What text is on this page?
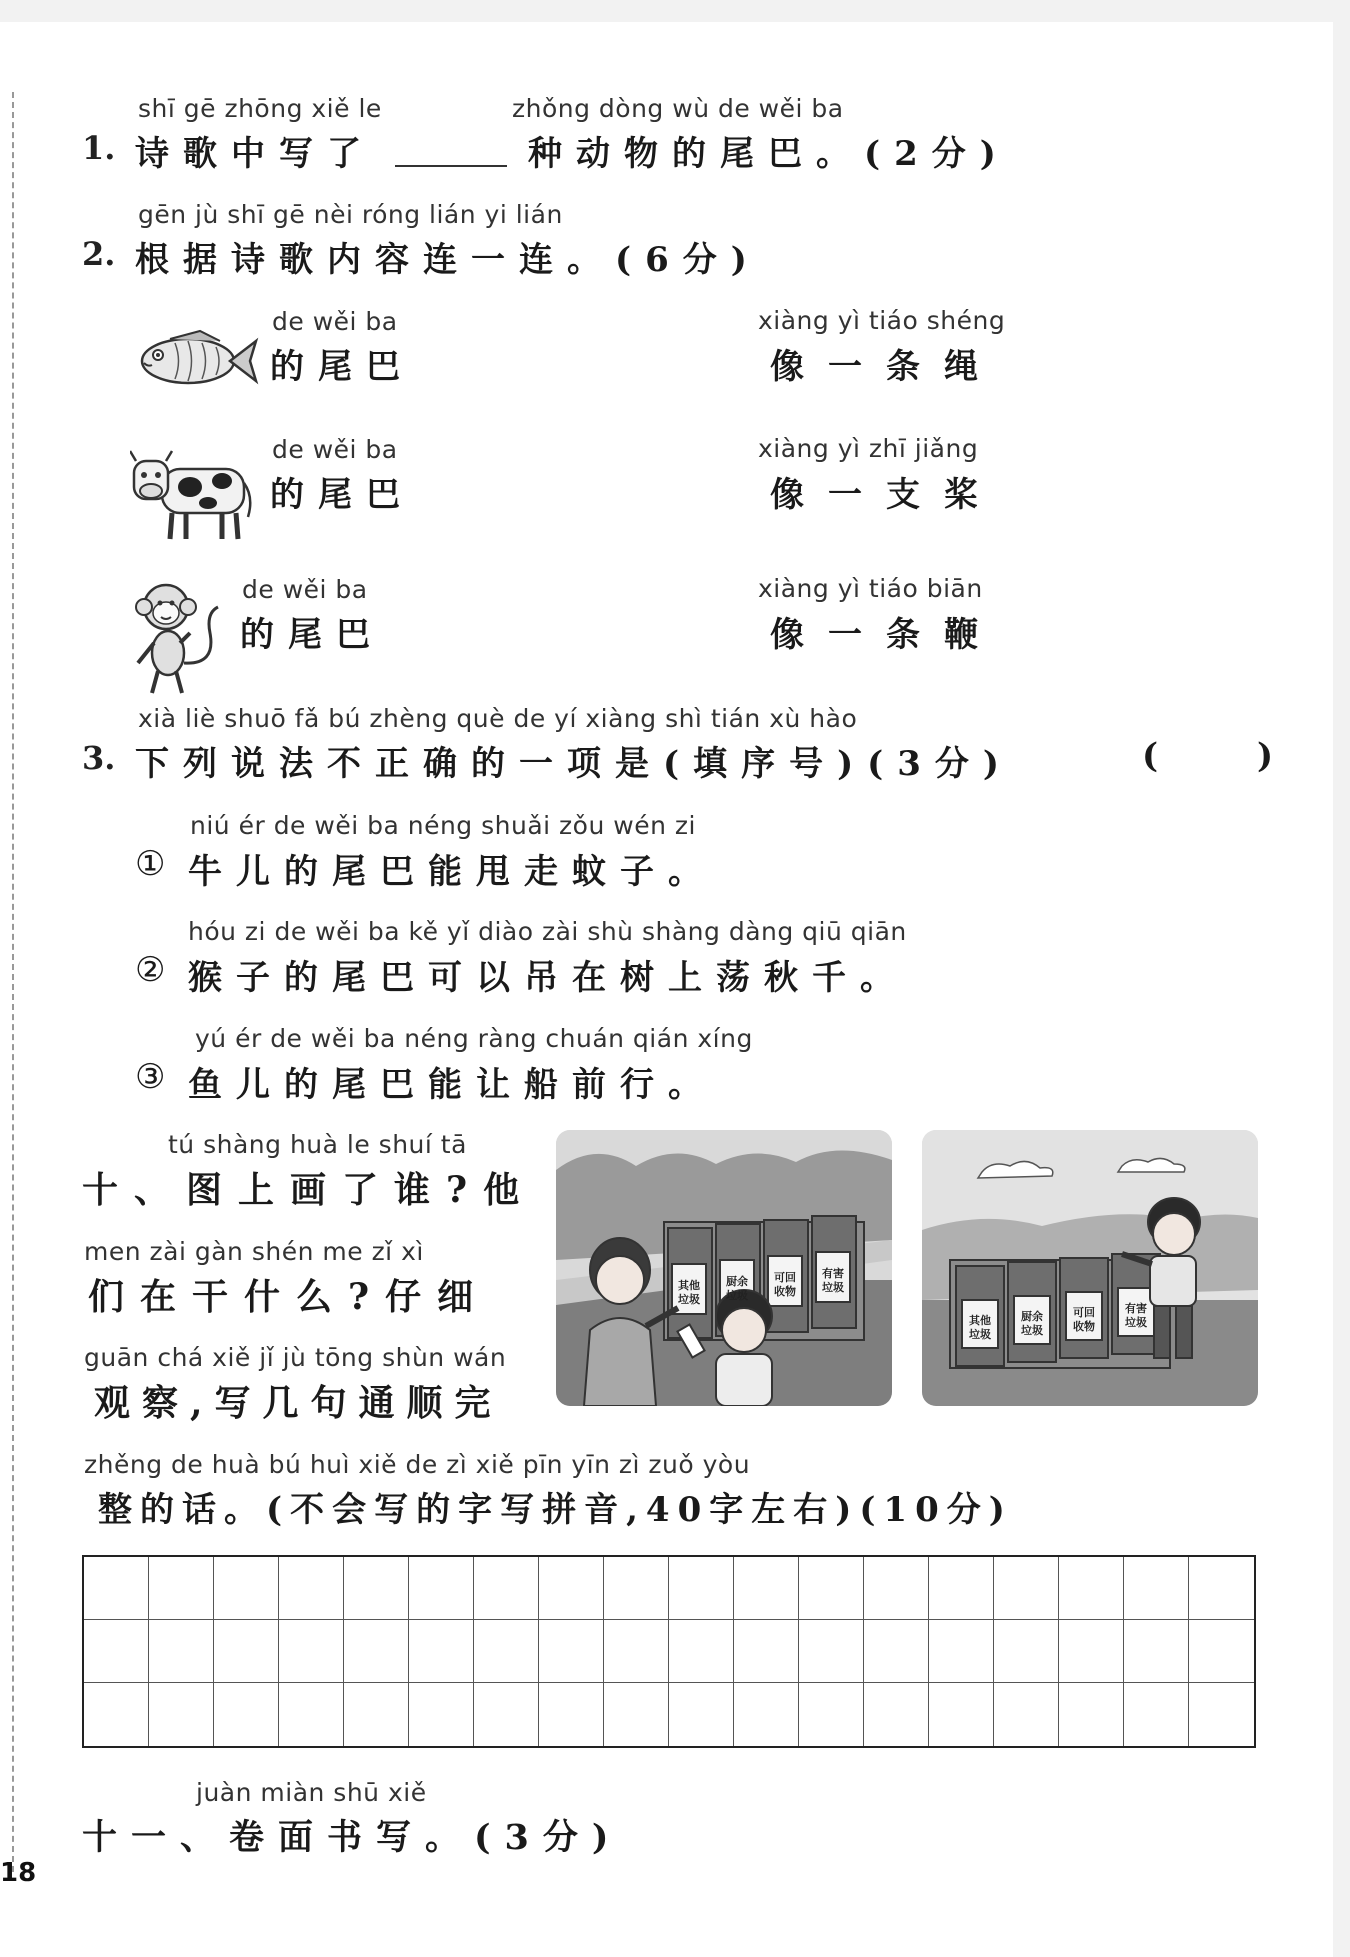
shī gē zhōng xiě le	zhǒng dòng wù de wěi ba
1. 诗歌中写了	种动物的尾巴。(2分)
gēn jù shī gē nèi róng lián yi lián
2. 根据诗歌内容连一连。(6分)
de wěi ba
的尾巴
de wěi ba
的尾巴
de wěi ba
的尾巴
xiàng yì tiáo shéng
像一条绳
xiàng yì zhī jiǎng
像一支桨
xiàng yì tiáo biān
像一条鞭
xià liè shuō fǎ bú zhèng què de yí xiàng shì tián xù hào
3. 下列说法不正确的一项是(填序号)(3分)	(       )
niú ér de wěi ba néng shuǎi zǒu wén zi
① 牛儿的尾巴能甩走蚊子。
hóu zi de wěi ba kě yǐ diào zài shù shàng dàng qiū qiān
② 猴子的尾巴可以吊在树上荡秋千。
yú ér de wěi ba néng ràng chuán qián xíng
③ 鱼儿的尾巴能让船前行。
tú shàng huà le shuí tā
十、图上画了谁?他
men zài gàn shén me zǐ xì
们在干什么?仔细
guān chá xiě jǐ jù tōng shùn wán
观察,写几句通顺完
zhěng de huà bú huì xiě de zì xiě pīn yīn zì zuǒ yòu
整的话。(不会写的字写拼音,40字左右)(10分)
其他垃圾
厨余垃圾
可回收物
有害垃圾
其他垃圾
厨余垃圾
可回收物
有害垃圾
juàn miàn shū xiě
十一、卷面书写。(3分)
18
